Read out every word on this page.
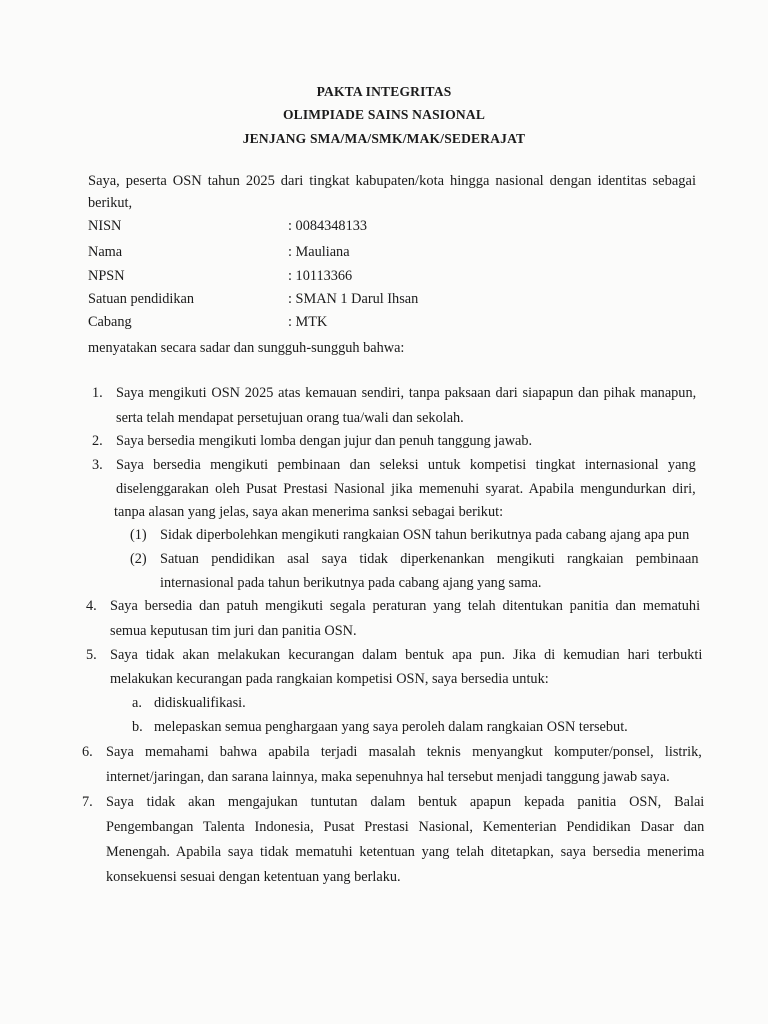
PAKTA INTEGRITAS
OLIMPIADE SAINS NASIONAL
JENJANG SMA/MA/SMK/MAK/SEDERAJAT
Saya, peserta OSN tahun 2025 dari tingkat kabupaten/kota hingga nasional dengan identitas sebagai
berikut,
NISN	: 0084348133
Nama	: Mauliana
NPSN	: 10113366
Satuan pendidikan	: SMAN 1 Darul Ihsan
Cabang	: MTK
menyatakan secara sadar dan sungguh-sungguh bahwa:
1. Saya mengikuti OSN 2025 atas kemauan sendiri, tanpa paksaan dari siapapun dan pihak manapun,
serta telah mendapat persetujuan orang tua/wali dan sekolah.
2. Saya bersedia mengikuti lomba dengan jujur dan penuh tanggung jawab.
3. Saya bersedia mengikuti pembinaan dan seleksi untuk kompetisi tingkat internasional yang
diselenggarakan oleh Pusat Prestasi Nasional jika memenuhi syarat. Apabila mengundurkan diri,
tanpa alasan yang jelas, saya akan menerima sanksi sebagai berikut:
(1) Sidak diperbolehkan mengikuti rangkaian OSN tahun berikutnya pada cabang ajang apa pun
(2) Satuan pendidikan asal saya tidak diperkenankan mengikuti rangkaian pembinaan
internasional pada tahun berikutnya pada cabang ajang yang sama.
4. Saya bersedia dan patuh mengikuti segala peraturan yang telah ditentukan panitia dan mematuhi
semua keputusan tim juri dan panitia OSN.
5. Saya tidak akan melakukan kecurangan dalam bentuk apa pun. Jika di kemudian hari terbukti
melakukan kecurangan pada rangkaian kompetisi OSN, saya bersedia untuk:
a. didiskualifikasi.
b. melepaskan semua penghargaan yang saya peroleh dalam rangkaian OSN tersebut.
6. Saya memahami bahwa apabila terjadi masalah teknis menyangkut komputer/ponsel, listrik,
internet/jaringan, dan sarana lainnya, maka sepenuhnya hal tersebut menjadi tanggung jawab saya.
7. Saya tidak akan mengajukan tuntutan dalam bentuk apapun kepada panitia OSN, Balai
Pengembangan Talenta Indonesia, Pusat Prestasi Nasional, Kementerian Pendidikan Dasar dan
Menengah. Apabila saya tidak mematuhi ketentuan yang telah ditetapkan, saya bersedia menerima
konsekuensi sesuai dengan ketentuan yang berlaku.
